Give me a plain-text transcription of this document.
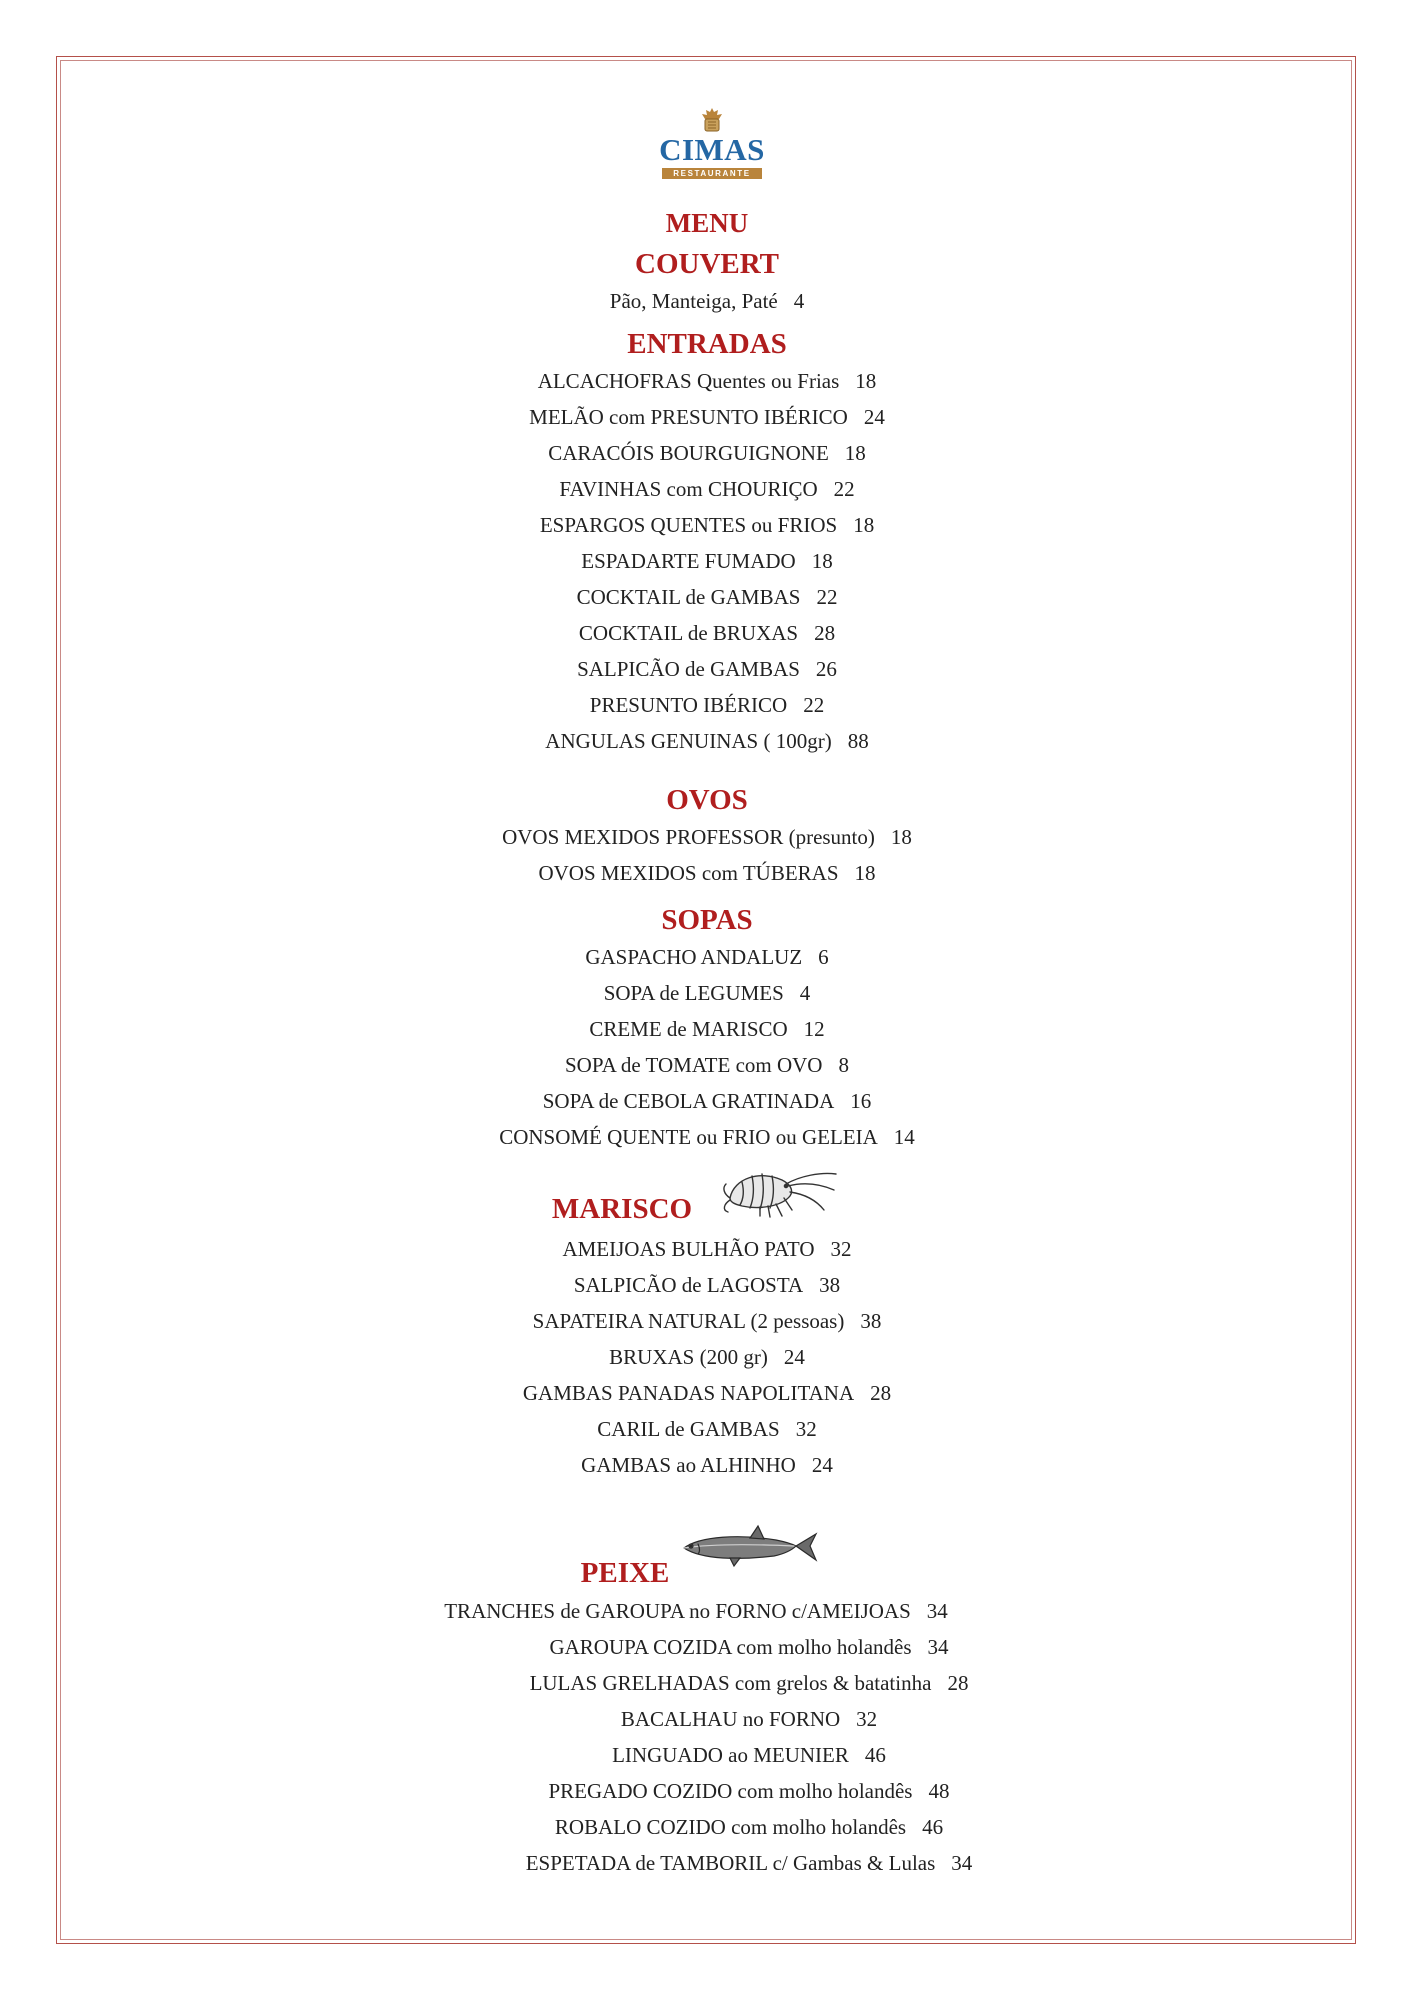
CIMAS
RESTAURANTE
MENU
COUVERT
Pão, Manteiga, Paté 4
ENTRADAS
ALCACHOFRAS Quentes ou Frias 18
MELÃO com PRESUNTO IBÉRICO 24
CARACÓIS BOURGUIGNONE 18
FAVINHAS com CHOURIÇO 22
ESPARGOS QUENTES ou FRIOS 18
ESPADARTE FUMADO 18
COCKTAIL de GAMBAS 22
COCKTAIL de BRUXAS 28
SALPICÃO de GAMBAS 26
PRESUNTO IBÉRICO 22
ANGULAS GENUINAS ( 100gr) 88
OVOS
OVOS MEXIDOS PROFESSOR (presunto) 18
OVOS MEXIDOS com TÚBERAS 18
SOPAS
GASPACHO ANDALUZ 6
SOPA de LEGUMES 4
CREME de MARISCO 12
SOPA de TOMATE com OVO 8
SOPA de CEBOLA GRATINADA 16
CONSOMÉ QUENTE ou FRIO ou GELEIA 14
MARISCO
AMEIJOAS BULHÃO PATO 32
SALPICÃO de LAGOSTA 38
SAPATEIRA NATURAL (2 pessoas) 38
BRUXAS (200 gr) 24
GAMBAS PANADAS NAPOLITANA 28
CARIL de GAMBAS 32
GAMBAS ao ALHINHO 24
PEIXE
TRANCHES de GAROUPA no FORNO c/AMEIJOAS 34
GAROUPA COZIDA com molho holandês 34
LULAS GRELHADAS com grelos & batatinha 28
BACALHAU no FORNO 32
LINGUADO ao MEUNIER 46
PREGADO COZIDO com molho holandês 48
ROBALO COZIDO com molho holandês 46
ESPETADA de TAMBORIL c/ Gambas & Lulas 34
